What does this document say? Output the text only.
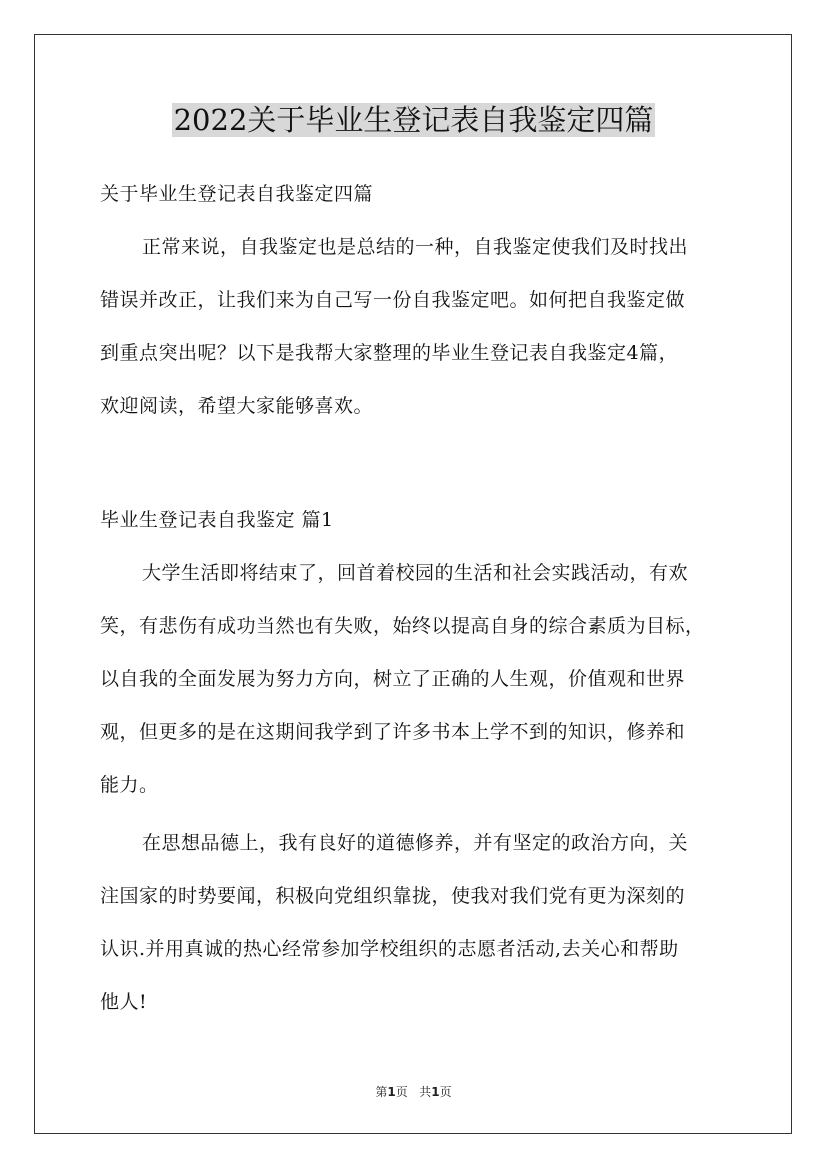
2022关于毕业生登记表自我鉴定四篇

关于毕业生登记表自我鉴定四篇

正常来说，自我鉴定也是总结的一种，自我鉴定使我们及时找出

错误并改正，让我们来为自己写一份自我鉴定吧。如何把自我鉴定做

到重点突出呢？以下是我帮大家整理的毕业生登记表自我鉴定4篇，

欢迎阅读，希望大家能够喜欢。

毕业生登记表自我鉴定 篇1

大学生活即将结束了，回首着校园的生活和社会实践活动，有欢

笑，有悲伤有成功当然也有失败，始终以提高自身的综合素质为目标，

以自我的全面发展为努力方向，树立了正确的人生观，价值观和世界

观，但更多的是在这期间我学到了许多书本上学不到的知识，修养和

能力。

在思想品德上，我有良好的道德修养，并有坚定的政治方向，关

注国家的时势要闻，积极向党组织靠拢，使我对我们党有更为深刻的

认识.并用真诚的热心经常参加学校组织的志愿者活动,去关心和帮助

他人!

第1页 共1页
